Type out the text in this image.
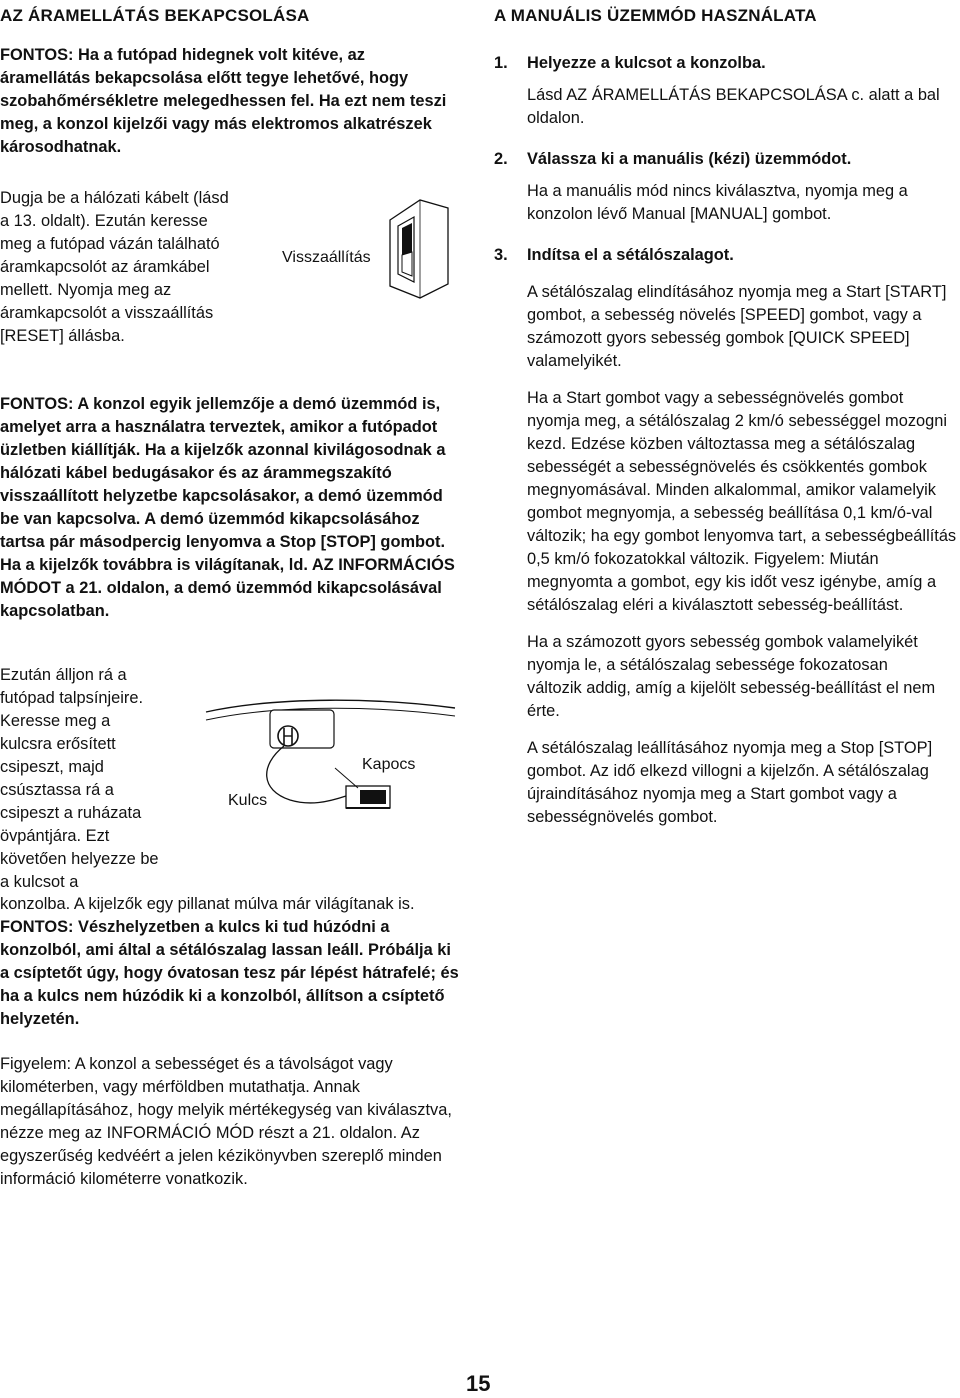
AZ ÁRAMELLÁTÁS BEKAPCSOLÁSA

FONTOS: Ha a futópad hidegnek volt kitéve, az áramellátás bekapcsolása előtt tegye lehetővé, hogy szobahőmérsékletre melegedhessen fel. Ha ezt nem teszi meg, a konzol kijelzői vagy más elektromos alkatrészek károsodhatnak.

Dugja be a hálózati kábelt (lásd a 13. oldalt). Ezután keresse meg a futópad vázán található áramkapcsolót az áramkábel mellett. Nyomja meg az áramkapcsolót a visszaállítás [RESET] állásba.

Visszaállítás

FONTOS: A konzol egyik jellemzője a demó üzemmód is, amelyet arra a használatra terveztek, amikor a futópadot üzletben kiállítják. Ha a kijelzők azonnal kivilágosodnak a hálózati kábel bedugásakor és az árammegszakító visszaállított helyzetbe kapcsolásakor, a demó üzemmód be van kapcsolva. A demó üzemmód kikapcsolásához tartsa pár másodpercig lenyomva a Stop [STOP] gombot. Ha a kijelzők továbbra is világítanak, ld. AZ INFORMÁCIÓS MÓDOT a 21. oldalon, a demó üzemmód kikapcsolásával kapcsolatban.

Ezután álljon rá a futópad talpsínjeire. Keresse meg a kulcsra erősített csipeszt, majd csúsztassa rá a csipeszt a ruházata övpántjára. Ezt követően helyezze be a kulcsot a

Kulcs
Kapocs

konzolba. A kijelzők egy pillanat múlva már világítanak is.

FONTOS: Vészhelyzetben a kulcs ki tud húzódni a konzolból, ami által a sétálószalag lassan leáll. Próbálja ki a csíptetőt úgy, hogy óvatosan tesz pár lépést hátrafelé; és ha a kulcs nem húzódik ki a konzolból, állítson a csíptető helyzetén.

Figyelem: A konzol a sebességet és a távolságot vagy kilométerben, vagy mérföldben mutathatja. Annak megállapításához, hogy melyik mértékegység van kiválasztva, nézze meg az INFORMÁCIÓ MÓD részt a 21. oldalon. Az egyszerűség kedvéért a jelen kézikönyvben szereplő minden információ kilométerre vonatkozik.

A MANUÁLIS ÜZEMMÓD HASZNÁLATA
1. Helyezze a kulcsot a konzolba.

Lásd AZ ÁRAMELLÁTÁS BEKAPCSOLÁSA c. alatt a bal oldalon.

2. Válassza ki a manuális (kézi) üzemmódot.

Ha a manuális mód nincs kiválasztva, nyomja meg a konzolon lévő Manual [MANUAL] gombot.

3. Indítsa el a sétálószalagot.

A sétálószalag elindításához nyomja meg a Start [START] gombot, a sebesség növelés [SPEED] gombot, vagy a számozott gyors sebesség gombok [QUICK SPEED] valamelyikét.

Ha a Start gombot vagy a sebességnövelés gombot nyomja meg, a sétálószalag 2 km/ó sebességgel mozogni kezd. Edzése közben változtassa meg a sétálószalag sebességét a sebességnövelés és csökkentés gombok megnyomásával. Minden alkalommal, amikor valamelyik gombot megnyomja, a sebesség beállítása 0,1 km/ó-val változik; ha egy gombot lenyomva tart, a sebességbeállítás 0,5 km/ó fokozatokkal változik. Figyelem: Miután megnyomta a gombot, egy kis időt vesz igénybe, amíg a sétálószalag eléri a kiválasztott sebesség-beállítást.

Ha a számozott gyors sebesség gombok valamelyikét nyomja le, a sétálószalag sebessége fokozatosan változik addig, amíg a kijelölt sebesség-beállítást el nem érte.

A sétálószalag leállításához nyomja meg a Stop [STOP] gombot. Az idő elkezd villogni a kijelzőn. A sétálószalag újraindításához nyomja meg a Start gombot vagy a sebességnövelés gombot.

15
